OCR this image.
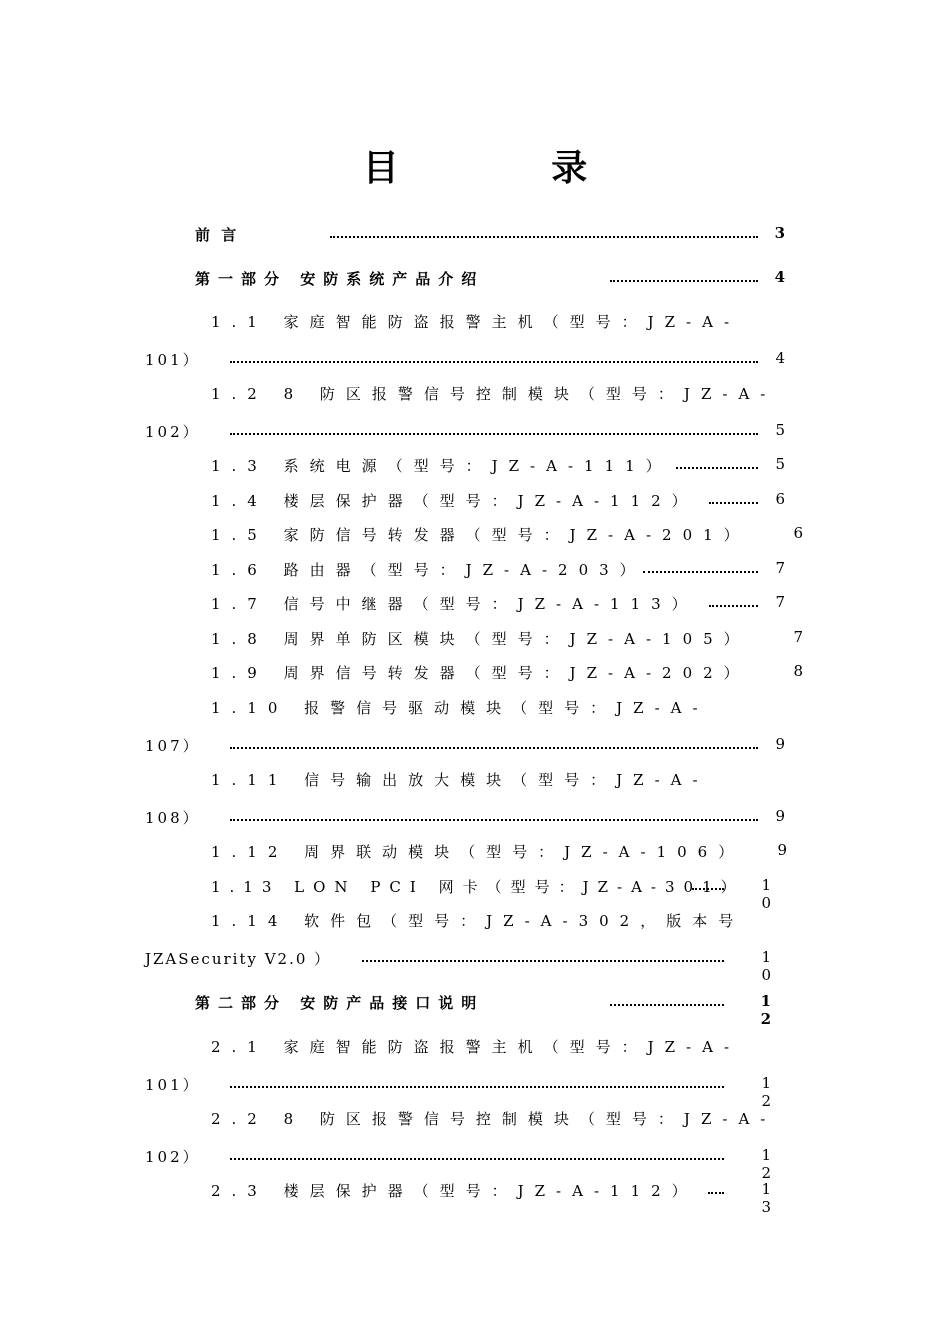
目 录
前 言	3
第一部分 安防系统产品介绍	4
1.1 家庭智能防盗报警主机（型号：JZ-A-
101）	4
1.2 8 防区报警信号控制模块（型号：JZ-A-
102）	5
1.3 系统电源（型号：JZ-A-111）	5
1.4 楼层保护器（型号：JZ-A-112）	6
1.5 家防信号转发器（型号：JZ-A-201）	6
1.6 路由器（型号：JZ-A-203）	7
1.7 信号中继器（型号：JZ-A-113）	7
1.8 周界单防区模块（型号：JZ-A-105）	7
1.9 周界信号转发器（型号：JZ-A-202）	8
1.10 报警信号驱动模块（型号：JZ-A-
107）	9
1.11 信号输出放大模块（型号：JZ-A-
108）	9
1.12 周界联动模块（型号：JZ-A-106）	9
1.13 LON PCI 网卡（型号：JZ-A-301）	1 0
1.14 软件包（型号：JZ-A-302，版本号
JZASecurity V2.0 ）	1 0
第二部分 安防产品接口说明	1 2
2.1 家庭智能防盗报警主机（型号：JZ-A-
101）	1 2
2.2 8 防区报警信号控制模块（型号：JZ-A-
102）	1 2
2.3 楼层保护器（型号：JZ-A-112）	1 3
